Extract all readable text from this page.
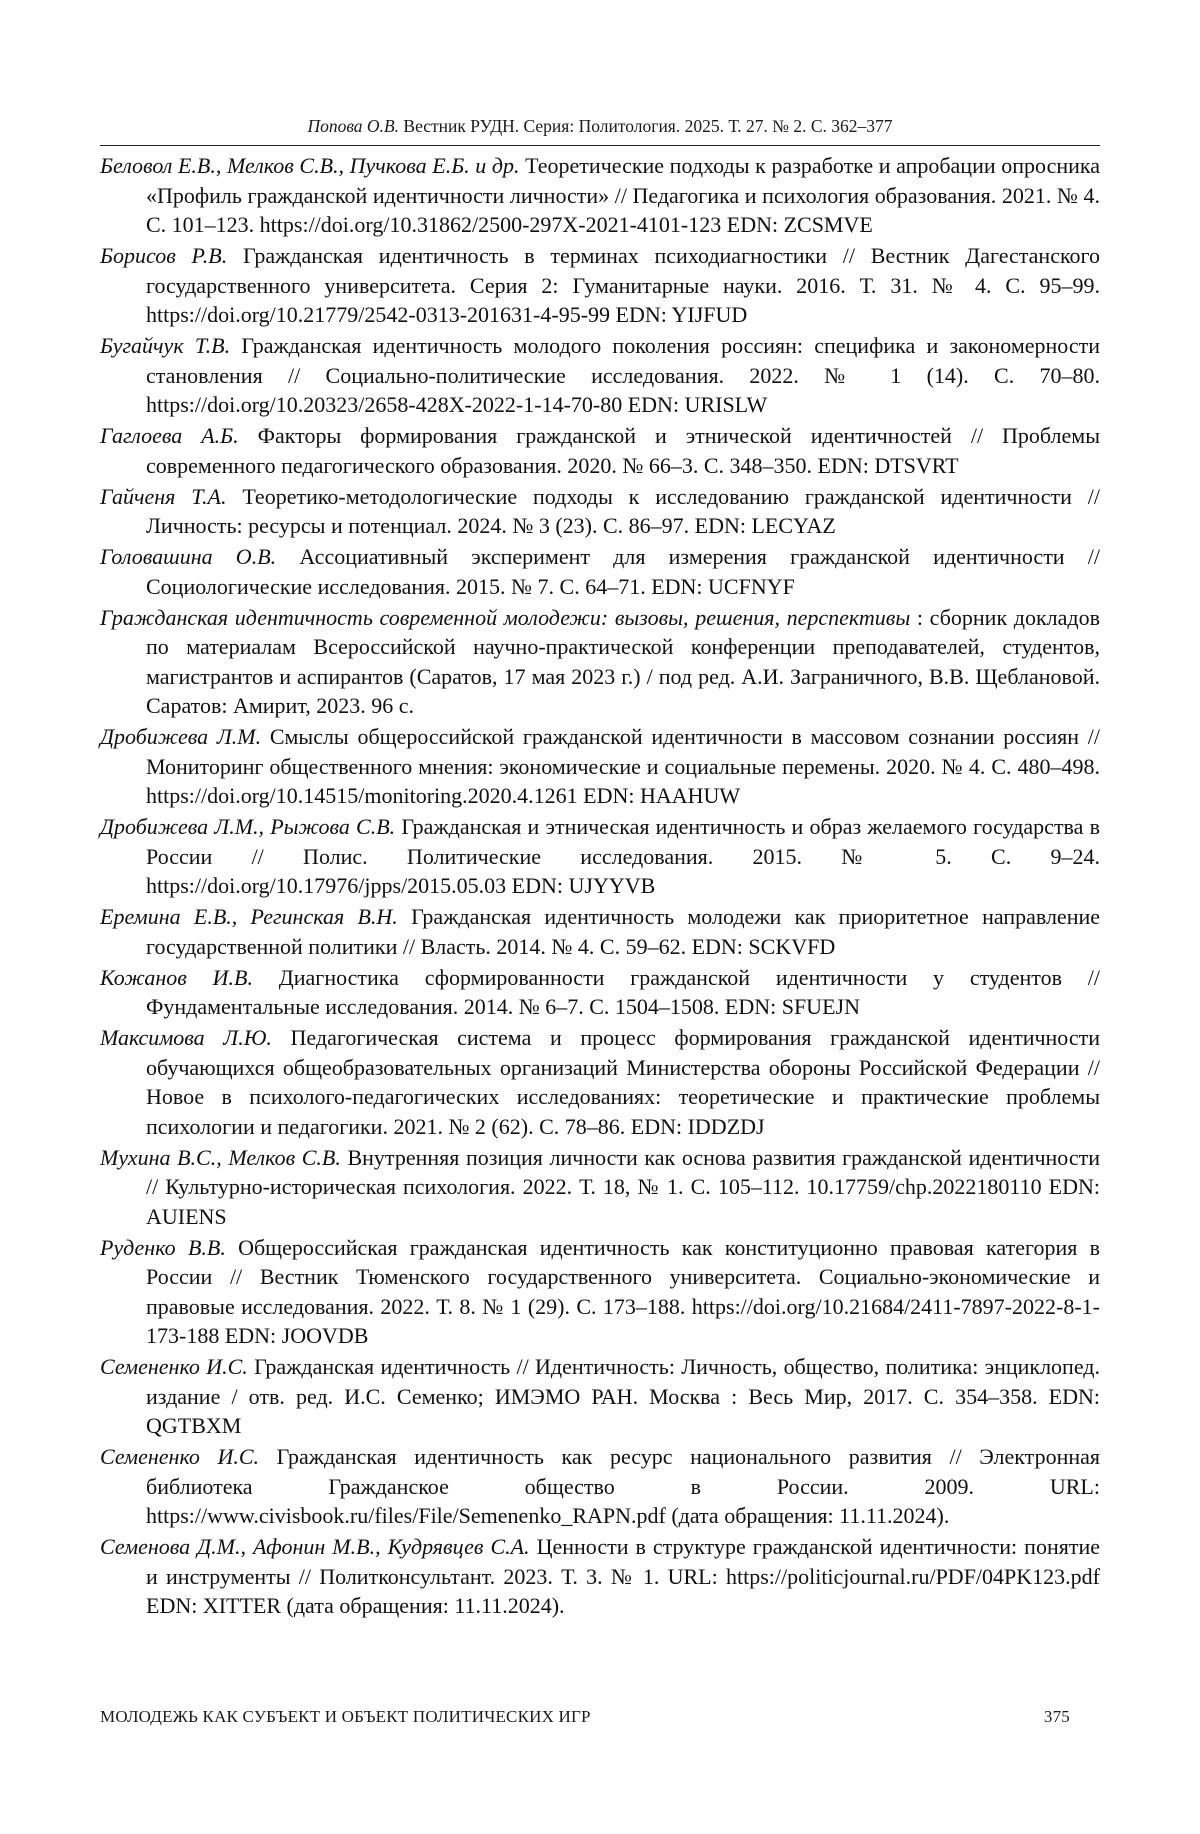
Попова О.В. Вестник РУДН. Серия: Политология. 2025. Т. 27. № 2. С. 362–377

Беловол Е.В., Мелков С.В., Пучкова Е.Б. и др. Теоретические подходы к разработке и апробации опросника «Профиль гражданской идентичности личности» // Педагогика и психология образования. 2021. № 4. С. 101–123. https://doi.org/10.31862/2500-297X-2021-4101-123 EDN: ZCSMVE

Борисов Р.В. Гражданская идентичность в терминах психодиагностики // Вестник Дагестанского государственного университета. Серия 2: Гуманитарные науки. 2016. Т. 31. № 4. С. 95–99. https://doi.org/10.21779/2542-0313-201631-4-95-99 EDN: YIJFUD

Бугайчук Т.В. Гражданская идентичность молодого поколения россиян: специфика и закономерности становления // Социально-политические исследования. 2022. № 1 (14). С. 70–80. https://doi.org/10.20323/2658-428X-2022-1-14-70-80 EDN: URISLW

Гаглоева А.Б. Факторы формирования гражданской и этнической идентичностей // Проблемы современного педагогического образования. 2020. № 66–3. С. 348–350. EDN: DTSVRT

Гайченя Т.А. Теоретико-методологические подходы к исследованию гражданской идентичности // Личность: ресурсы и потенциал. 2024. № 3 (23). С. 86–97. EDN: LECYAZ

Головашина О.В. Ассоциативный эксперимент для измерения гражданской идентичности // Социологические исследования. 2015. № 7. С. 64–71. EDN: UCFNYF

Гражданская идентичность современной молодежи: вызовы, решения, перспективы : сборник докладов по материалам Всероссийской научно-практической конференции преподавателей, студентов, магистрантов и аспирантов (Саратов, 17 мая 2023 г.) / под ред. А.И. Заграничного, В.В. Щеблановой. Саратов: Амирит, 2023. 96 с.

Дробижева Л.М. Смыслы общероссийской гражданской идентичности в массовом сознании россиян // Мониторинг общественного мнения: экономические и социальные перемены. 2020. № 4. С. 480–498. https://doi.org/10.14515/monitoring.2020.4.1261 EDN: HAAHUW

Дробижева Л.М., Рыжова С.В. Гражданская и этническая идентичность и образ желаемого государства в России // Полис. Политические исследования. 2015. № 5. С. 9–24. https://doi.org/10.17976/jpps/2015.05.03 EDN: UJYYVB

Еремина Е.В., Регинская В.Н. Гражданская идентичность молодежи как приоритетное направление государственной политики // Власть. 2014. № 4. С. 59–62. EDN: SCKVFD

Кожанов И.В. Диагностика сформированности гражданской идентичности у студентов // Фундаментальные исследования. 2014. № 6–7. С. 1504–1508. EDN: SFUEJN

Максимова Л.Ю. Педагогическая система и процесс формирования гражданской идентичности обучающихся общеобразовательных организаций Министерства обороны Российской Федерации // Новое в психолого-педагогических исследованиях: теоретические и практические проблемы психологии и педагогики. 2021. № 2 (62). С. 78–86. EDN: IDDZDJ

Мухина В.С., Мелков С.В. Внутренняя позиция личности как основа развития гражданской идентичности // Культурно-историческая психология. 2022. Т. 18, № 1. С. 105–112. 10.17759/chp.2022180110 EDN: AUIENS

Руденко В.В. Общероссийская гражданская идентичность как конституционно правовая категория в России // Вестник Тюменского государственного университета. Социально-экономические и правовые исследования. 2022. Т. 8. № 1 (29). С. 173–188. https://doi.org/10.21684/2411-7897-2022-8-1-173-188 EDN: JOOVDB

Семененко И.С. Гражданская идентичность // Идентичность: Личность, общество, политика: энциклопед. издание / отв. ред. И.С. Семенко; ИМЭМО РАН. Москва : Весь Мир, 2017. С. 354–358. EDN: QGTBXM

Семененко И.С. Гражданская идентичность как ресурс национального развития // Электронная библиотека Гражданское общество в России. 2009. URL: https://www.civisbook.ru/files/File/Semenenko_RAPN.pdf (дата обращения: 11.11.2024).

Семенова Д.М., Афонин М.В., Кудрявцев С.А. Ценности в структуре гражданской идентичности: понятие и инструменты // Политконсультант. 2023. Т. 3. № 1. URL: https://politicjournal.ru/PDF/04PK123.pdf EDN: XITTER (дата обращения: 11.11.2024).

МОЛОДЕЖЬ КАК СУБЪЕКТ И ОБЪЕКТ ПОЛИТИЧЕСКИХ ИГР	375
